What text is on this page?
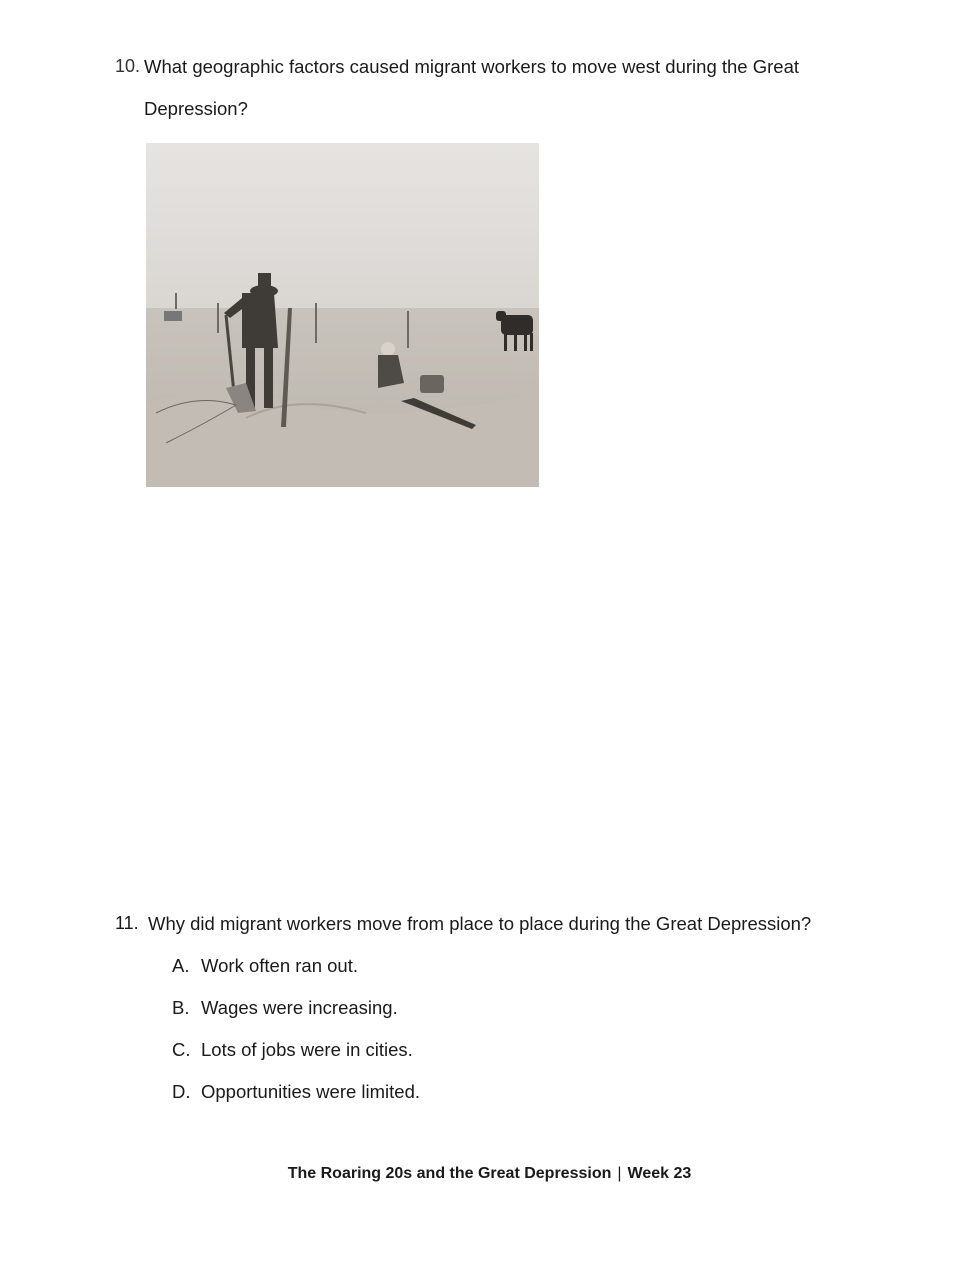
10. What geographic factors caused migrant workers to move west during the Great Depression?
11. Why did migrant workers move from place to place during the Great Depression?
A. Work often ran out.
B. Wages were increasing.
C. Lots of jobs were in cities.
D. Opportunities were limited.
The Roaring 20s and the Great Depression | Week 23
